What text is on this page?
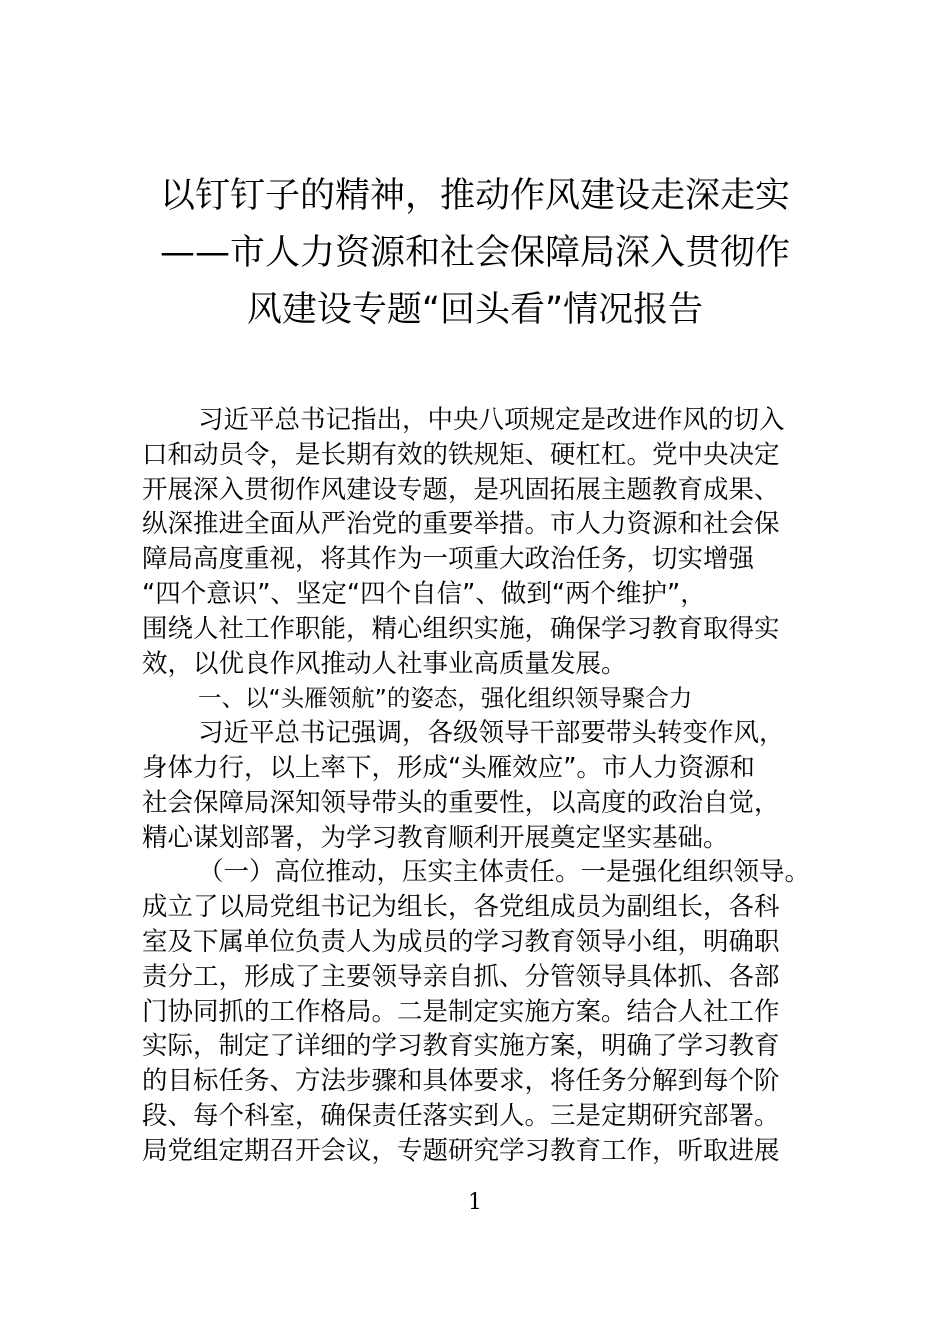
以钉钉子的精神，推动作风建设走深走实
——市人力资源和社会保障局深入贯彻作
风建设专题“回头看”情况报告
习近平总书记指出，中央八项规定是改进作风的切入
口和动员令，是长期有效的铁规矩、硬杠杠。党中央决定
开展深入贯彻作风建设专题，是巩固拓展主题教育成果、
纵深推进全面从严治党的重要举措。市人力资源和社会保
障局高度重视，将其作为一项重大政治任务，切实增强
“四个意识”、坚定“四个自信”、做到“两个维护”，
围绕人社工作职能，精心组织实施，确保学习教育取得实
效，以优良作风推动人社事业高质量发展。
一、以“头雁领航”的姿态，强化组织领导聚合力
习近平总书记强调，各级领导干部要带头转变作风，
身体力行，以上率下，形成“头雁效应”。市人力资源和
社会保障局深知领导带头的重要性，以高度的政治自觉，
精心谋划部署，为学习教育顺利开展奠定坚实基础。
（一）高位推动，压实主体责任。一是强化组织领导。
成立了以局党组书记为组长，各党组成员为副组长，各科
室及下属单位负责人为成员的学习教育领导小组，明确职
责分工，形成了主要领导亲自抓、分管领导具体抓、各部
门协同抓的工作格局。二是制定实施方案。结合人社工作
实际，制定了详细的学习教育实施方案，明确了学习教育
的目标任务、方法步骤和具体要求，将任务分解到每个阶
段、每个科室，确保责任落实到人。三是定期研究部署。
局党组定期召开会议，专题研究学习教育工作，听取进展
1
